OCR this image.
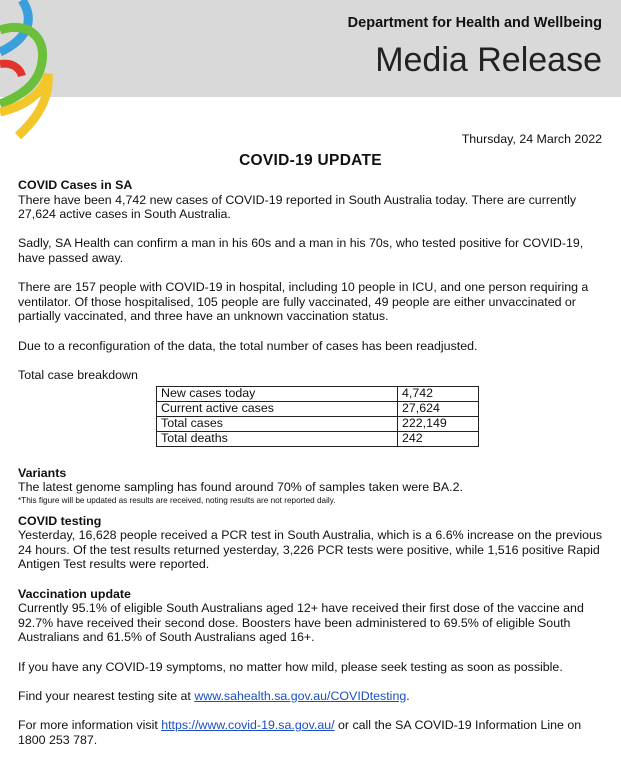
Department for Health and Wellbeing
Media Release
Thursday, 24 March 2022
COVID-19 UPDATE

COVID Cases in SA

There have been 4,742 new cases of COVID-19 reported in South Australia today. There are currently 27,624 active cases in South Australia.

Sadly, SA Health can confirm a man in his 60s and a man in his 70s, who tested positive for COVID-19, have passed away.

There are 157 people with COVID-19 in hospital, including 10 people in ICU, and one person requiring a ventilator. Of those hospitalised, 105 people are fully vaccinated, 49 people are either unvaccinated or partially vaccinated, and three have an unknown vaccination status.

Due to a reconfiguration of the data, the total number of cases has been readjusted.

Total case breakdown

New cases today	4,742
Current active cases	27,624
Total cases	222,149
Total deaths	242

Variants

The latest genome sampling has found around 70% of samples taken were BA.2.

*This figure will be updated as results are received, noting results are not reported daily.

COVID testing

Yesterday, 16,628 people received a PCR test in South Australia, which is a 6.6% increase on the previous 24 hours. Of the test results returned yesterday, 3,226 PCR tests were positive, while 1,516 positive Rapid Antigen Test results were reported.

Vaccination update

Currently 95.1% of eligible South Australians aged 12+ have received their first dose of the vaccine and 92.7% have received their second dose. Boosters have been administered to 69.5% of eligible South Australians and 61.5% of South Australians aged 16+.

If you have any COVID-19 symptoms, no matter how mild, please seek testing as soon as possible.

Find your nearest testing site at www.sahealth.sa.gov.au/COVIDtesting.

For more information visit https://www.covid-19.sa.gov.au/ or call the SA COVID-19 Information Line on 1800 253 787.
